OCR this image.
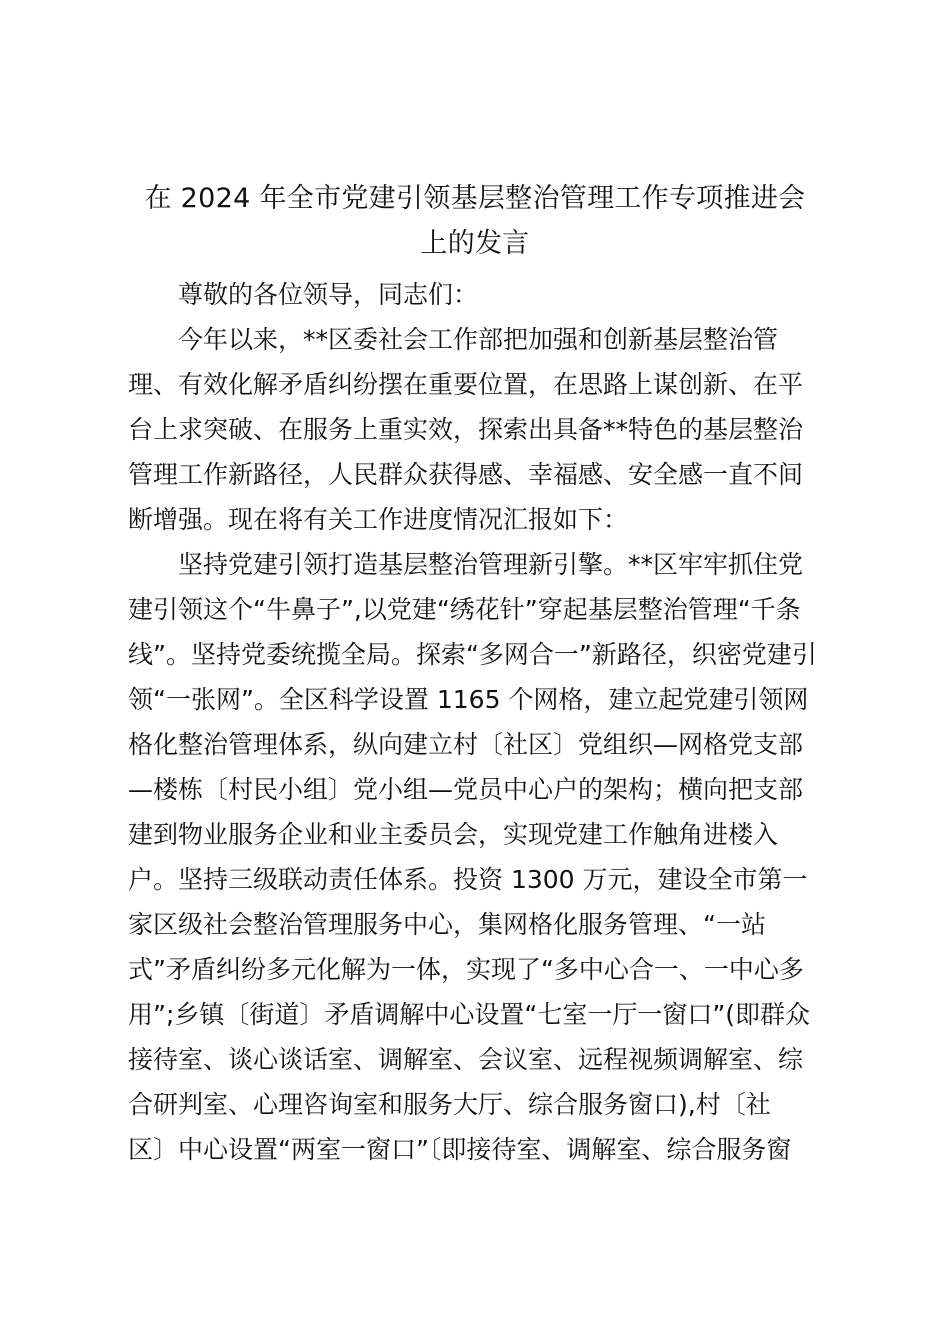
在 2024 年全市党建引领基层整治管理工作专项推进会
上的发言
尊敬的各位领导，同志们：
今年以来，**区委社会工作部把加强和创新基层整治管
理、有效化解矛盾纠纷摆在重要位置，在思路上谋创新、在平
台上求突破、在服务上重实效，探索出具备**特色的基层整治
管理工作新路径，人民群众获得感、幸福感、安全感一直不间
断增强。现在将有关工作进度情况汇报如下：
坚持党建引领打造基层整治管理新引擎。**区牢牢抓住党
建引领这个“牛鼻子”,以党建“绣花针”穿起基层整治管理“千条
线”。坚持党委统揽全局。探索“多网合一”新路径，织密党建引
领“一张网”。全区科学设置 1165 个网格，建立起党建引领网
格化整治管理体系，纵向建立村〔社区〕党组织—网格党支部
—楼栋〔村民小组〕党小组—党员中心户的架构；横向把支部
建到物业服务企业和业主委员会，实现党建工作触角进楼入
户。坚持三级联动责任体系。投资 1300 万元，建设全市第一
家区级社会整治管理服务中心，集网格化服务管理、“一站
式”矛盾纠纷多元化解为一体，实现了“多中心合一、一中心多
用”;乡镇〔街道〕矛盾调解中心设置“七室一厅一窗口”(即群众
接待室、谈心谈话室、调解室、会议室、远程视频调解室、综
合研判室、心理咨询室和服务大厅、综合服务窗口),村〔社
区〕中心设置“两室一窗口”〔即接待室、调解室、综合服务窗
